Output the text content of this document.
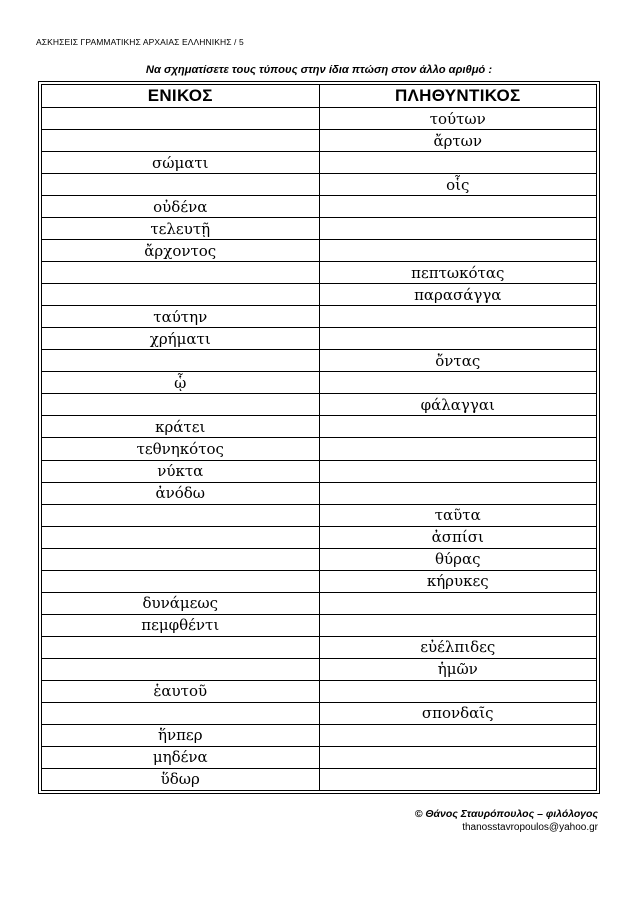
ΑΣΚΗΣΕΙΣ ΓΡΑΜΜΑΤΙΚΗΣ ΑΡΧΑΙΑΣ ΕΛΛΗΝΙΚΗΣ / 5
Να σχηματίσετε τους τύπους στην ίδια πτώση στον άλλο αριθμό :
ΕΝΙΚΟΣ	ΠΛΗΘΥΝΤΙΚΟΣ
	τούτων
	ἄρτων
σώματι	
	οἷς
οὐδένα	
τελευτῇ	
ἄρχοντος	
	πεπτωκότας
	παρασάγγα
ταύτην	
χρήματι	
	ὄντας
ᾧ	
	φάλαγγαι
κράτει	
τεθνηκότος	
νύκτα	
ἀνόδω	
	ταῦτα
	ἀσπίσι
	θύρας
	κήρυκες
δυνάμεως	
πεμφθέντι	
	εὐέλπιδες
	ἡμῶν
ἑαυτοῦ	
	σπονδαῖς
ἥνπερ	
μηδένα	
ὕδωρ	
© Θάνος Σταυρόπουλος – φιλόλογος
thanosstavropoulos@yahoo.gr
